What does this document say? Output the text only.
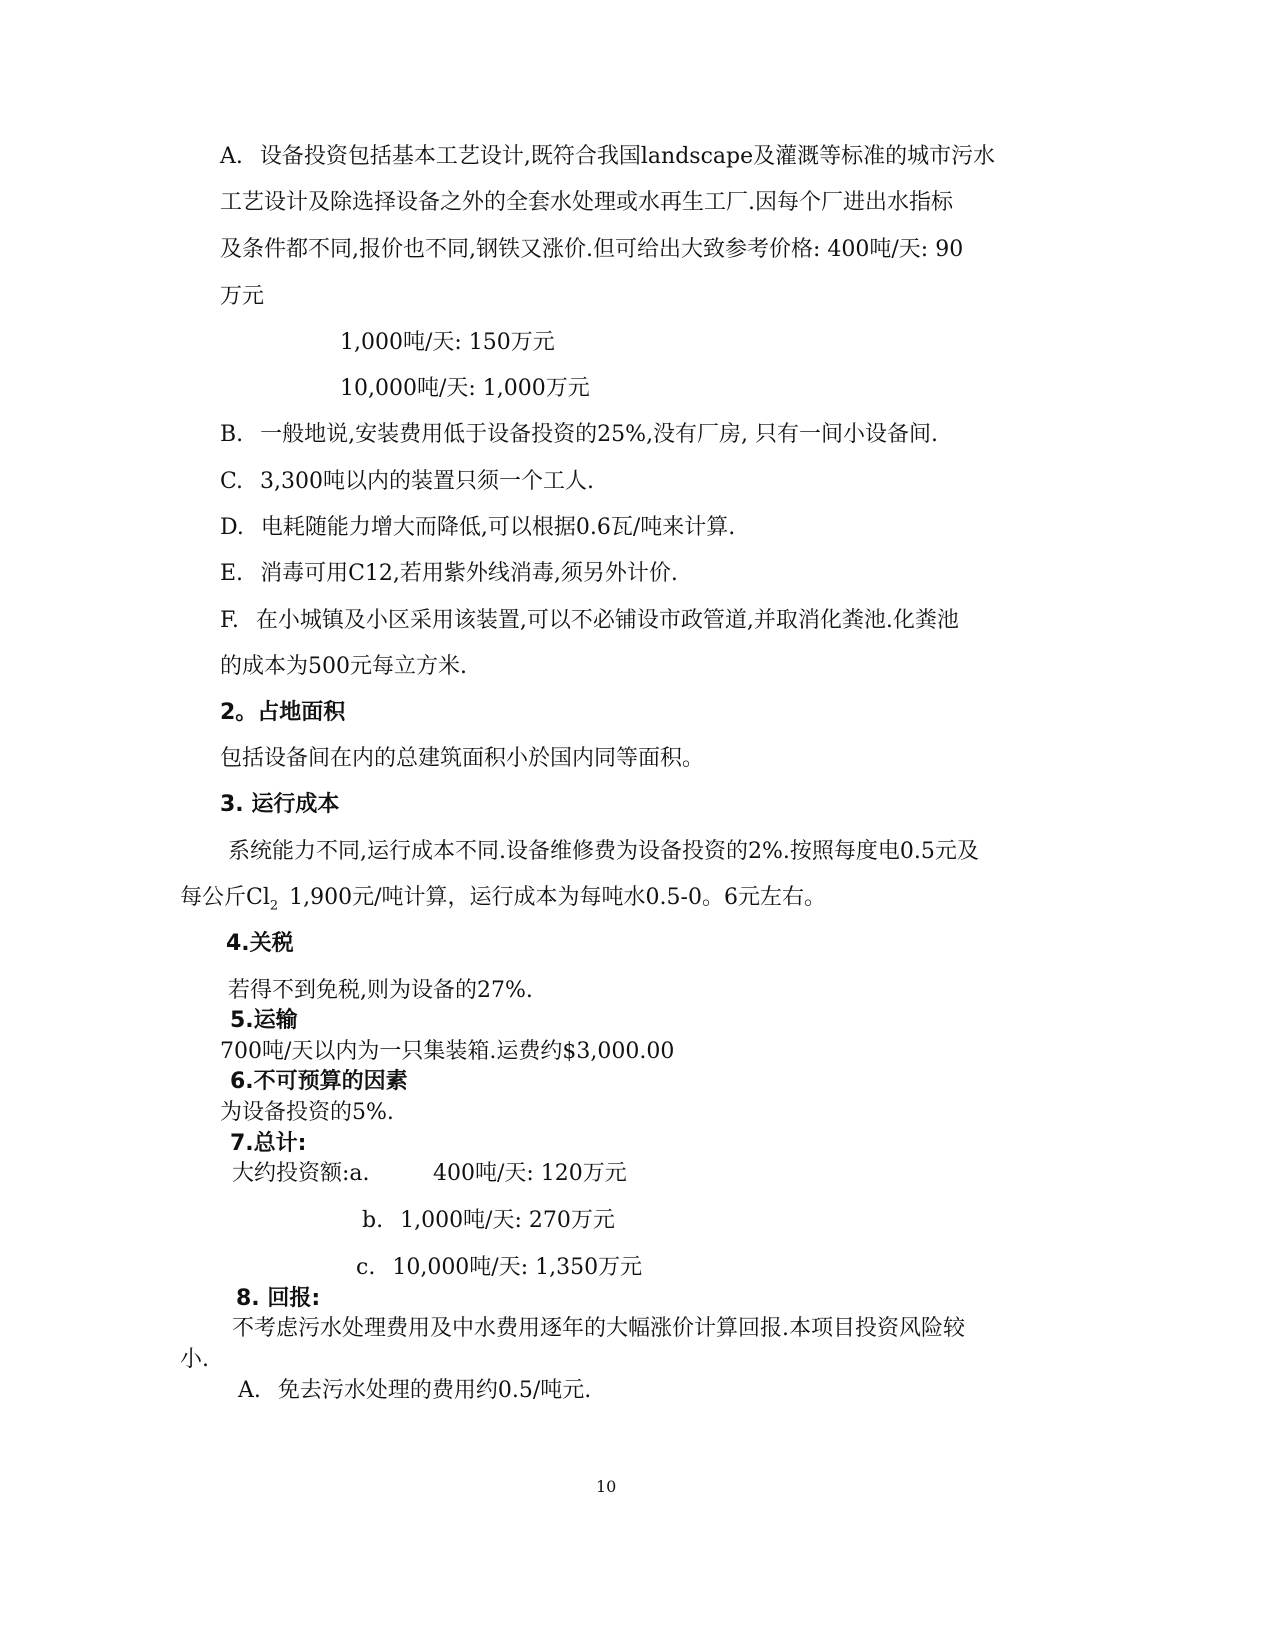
A. 设备投资包括基本工艺设计,既符合我国landscape及灌溉等标准的城市污水
工艺设计及除选择设备之外的全套水处理或水再生工厂.因每个厂进出水指标
及条件都不同,报价也不同,钢铁又涨价.但可给出大致参考价格: 400吨/天: 90
万元
1,000吨/天: 150万元
10,000吨/天: 1,000万元
B. 一般地说,安装费用低于设备投资的25%,没有厂房, 只有一间小设备间.
C. 3,300吨以内的装置只须一个工人.
D. 电耗随能力增大而降低,可以根据0.6瓦/吨来计算.
E. 消毒可用C12,若用紫外线消毒,须另外计价.
F. 在小城镇及小区采用该装置,可以不必铺设市政管道,并取消化粪池.化粪池
的成本为500元每立方米.
2。占地面积
包括设备间在内的总建筑面积小於国内同等面积。
3. 运行成本
系统能力不同,运行成本不同.设备维修费为设备投资的2%.按照每度电0.5元及
每公斤$Cl_2$ 1,900元/吨计算，运行成本为每吨水0.5-0。6元左右。
4.关税
若得不到免税,则为设备的27%.
5.运输
700吨/天以内为一只集装箱.运费约$3,000.00
6.不可预算的因素
为设备投资的5%.
7.总计:
大约投资额:a.	400吨/天: 120万元
b. 1,000吨/天: 270万元
c. 10,000吨/天: 1,350万元
8. 回报:
不考虑污水处理费用及中水费用逐年的大幅涨价计算回报.本项目投资风险较
小.
A. 免去污水处理的费用约0.5/吨元.
10
